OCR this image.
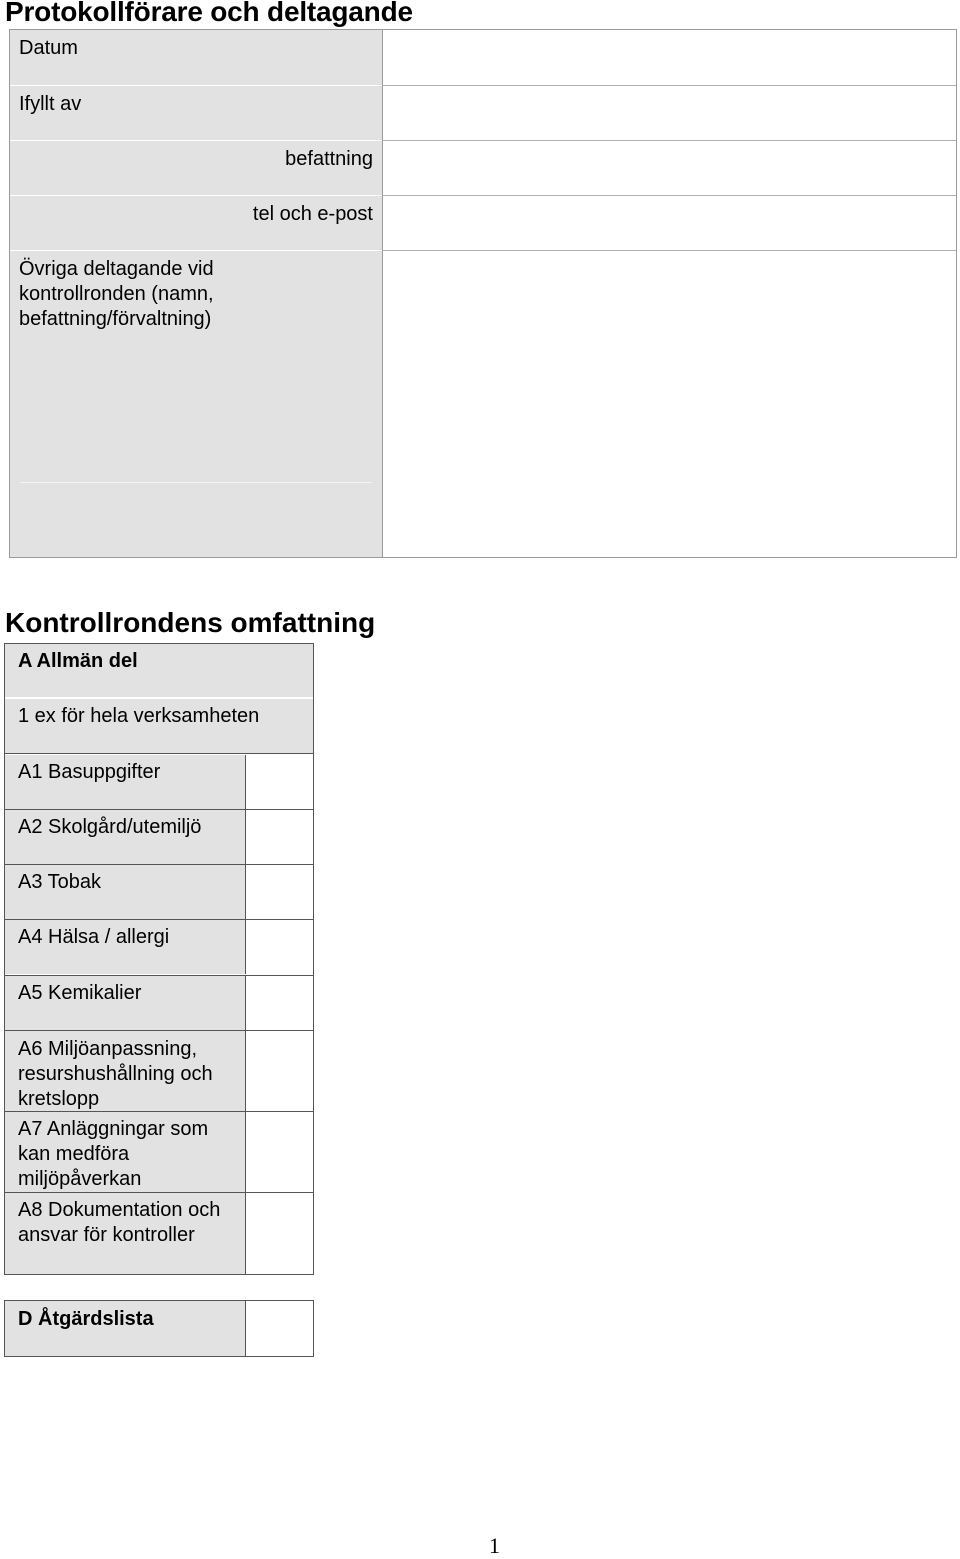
Protokollförare och deltagande
Datum
Ifyllt av
befattning
tel och e-post
Övriga deltagande vid kontrollronden (namn, befattning/förvaltning)
Kontrollrondens omfattning
A Allmän del
1 ex för hela verksamheten
A1 Basuppgifter
A2 Skolgård/utemiljö
A3 Tobak
A4 Hälsa / allergi
A5 Kemikalier
A6 Miljöanpassning, resurshushållning och kretslopp
A7 Anläggningar som kan medföra miljöpåverkan
A8 Dokumentation och ansvar för kontroller
D Åtgärdslista
1
